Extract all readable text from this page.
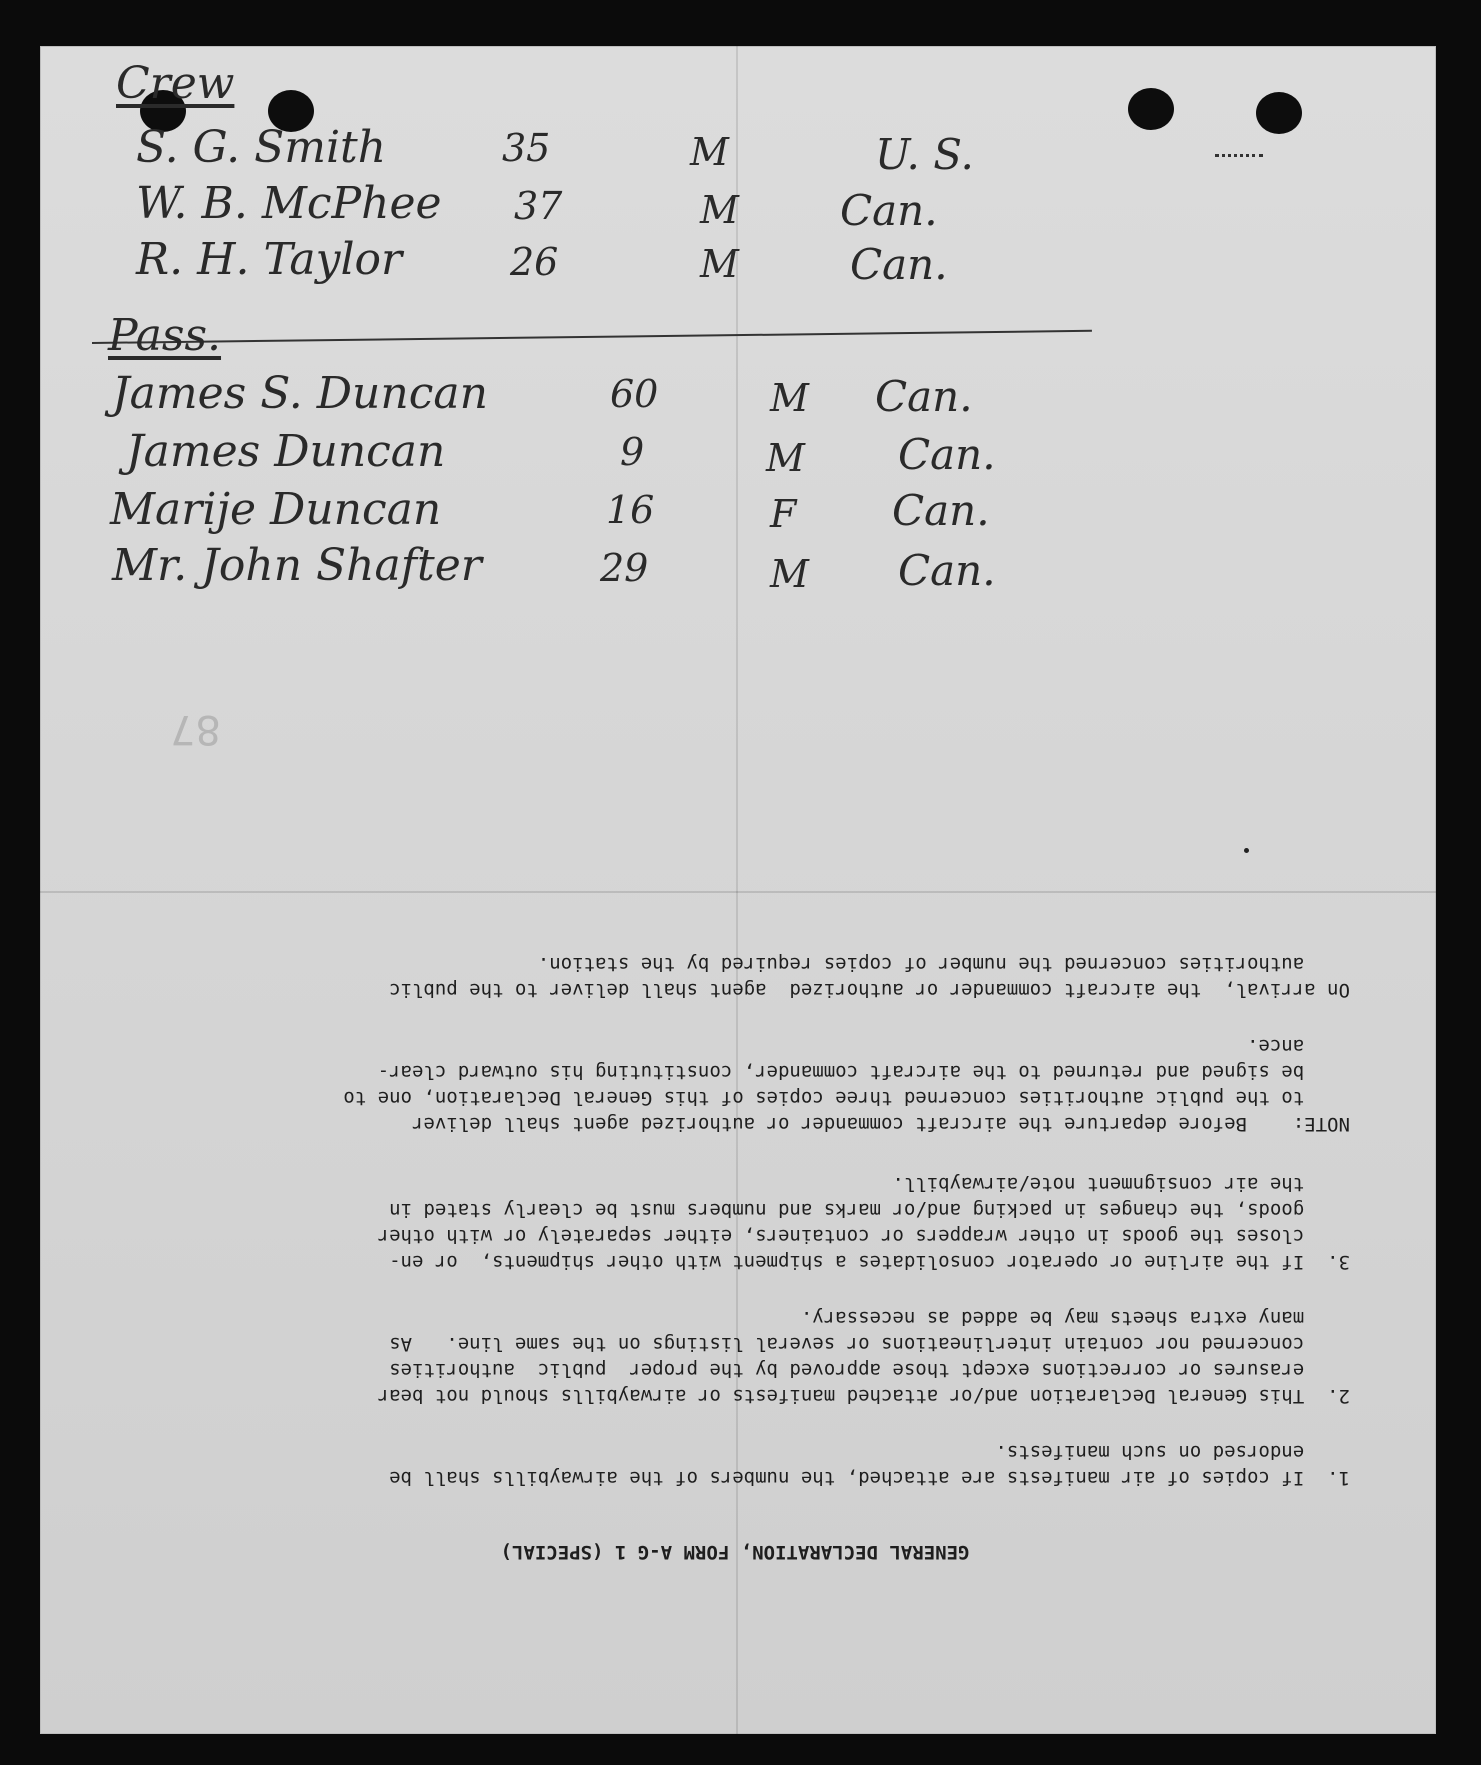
Crew
S. G. Smith	35	M	U. S.
W. B. McPhee 37	M Can.
R. H. Taylor	26	M	Can.
Pass.
James S. Duncan	60	M Can.
James Duncan	9	M Can.
Marije Duncan	16	F Can.
Mr. John Shafter	29	M Can.
87
GENERAL DECLARATION, FORM A-G 1 (SPECIAL)
1.  If copies of air manifests are attached, the numbers of the airwaybills shall be
endorsed on such manifests.
2.  This General Declaration and/or attached manifests or airwaybills should not bear
erasures or corrections except those approved by the proper  public  authorities
concerned nor contain interlineations or several listings on the same line.   As
many extra sheets may be added as necessary.
3.  If the airline or operator consolidates a shipment with other shipments,  or en-
closes the goods in other wrappers or containers, either separately or with other
goods, the changes in packing and/or marks and numbers must be clearly stated in
the air consignment note/airwaybill.
NOTE:    Before departure the aircraft commander or authorized agent shall deliver
to the public authorities concerned three copies of this General Declaration, one to
be signed and returned to the aircraft commander, constituting his outward clear-
ance.
On arrival,  the aircraft commander or authorized  agent shall deliver to the public
authorities concerned the number of copies required by the station.
